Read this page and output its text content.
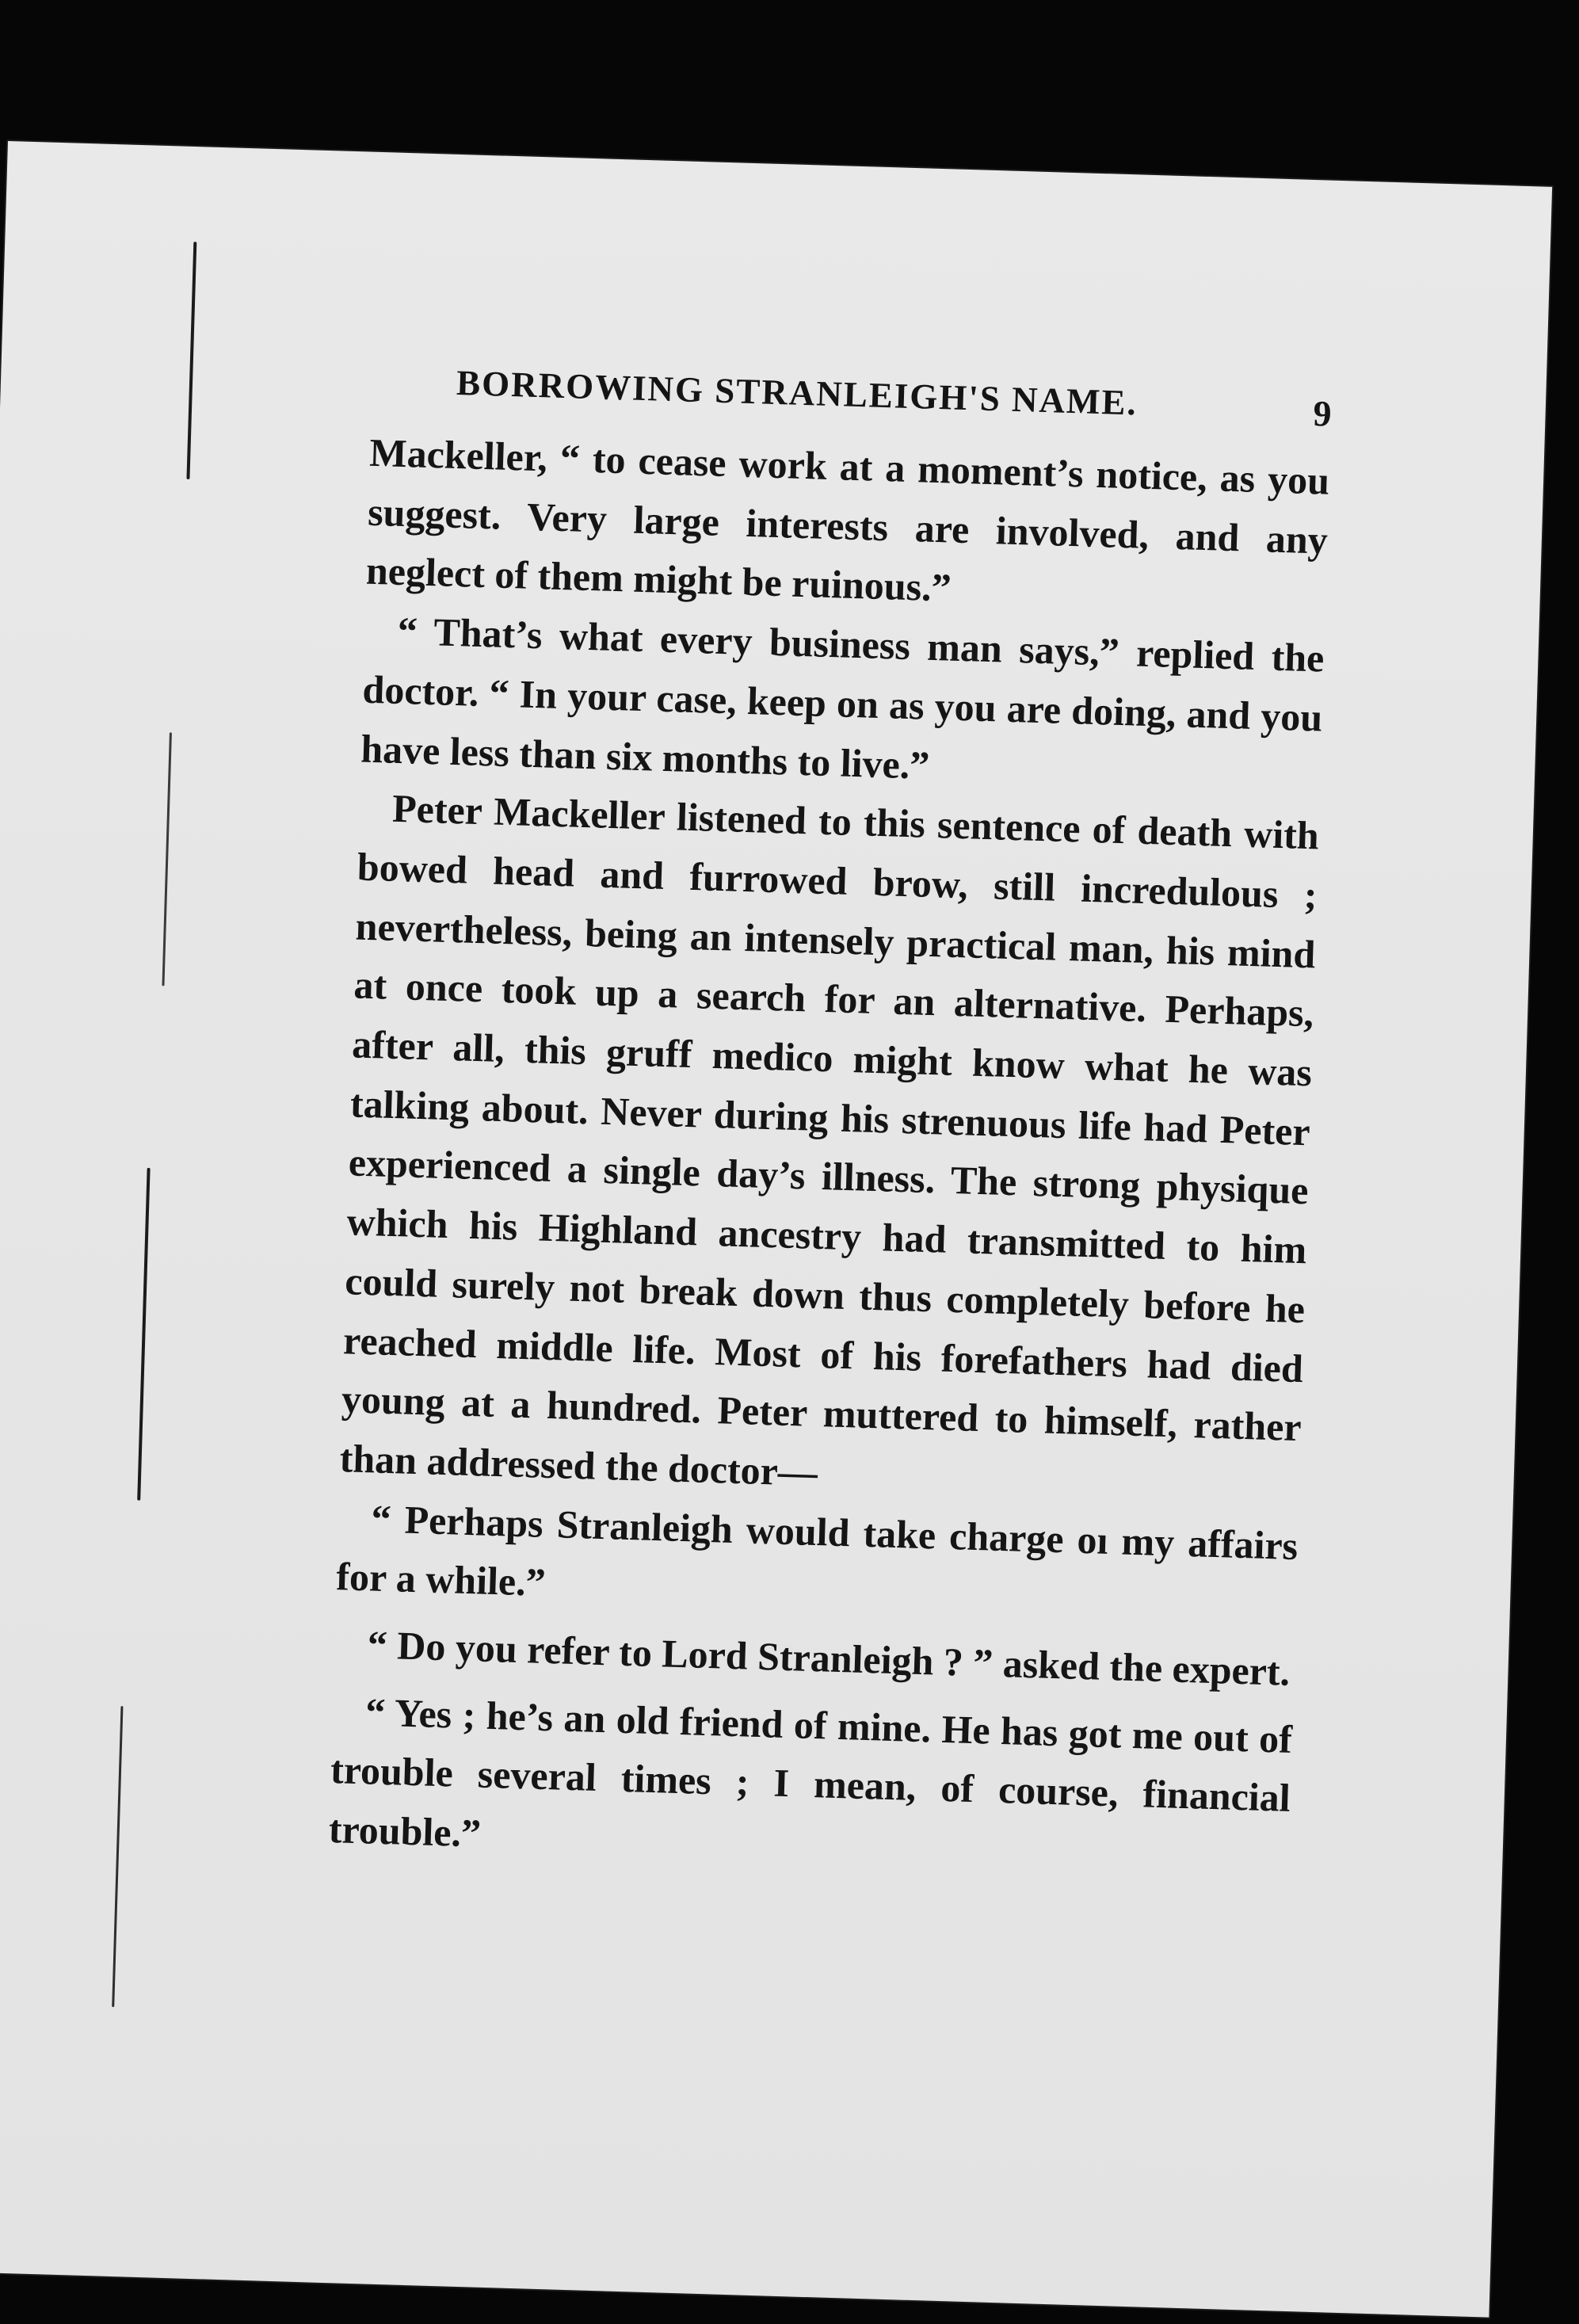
BORROWING STRANLEIGH'S NAME.	9

Mackeller, “ to cease work at a moment’s notice, as you suggest. Very large interests are involved, and any neglect of them might be ruinous.”

“ That’s what every business man says,” replied the doctor. “ In your case, keep on as you are doing, and you have less than six months to live.”

Peter Mackeller listened to this sentence of death with bowed head and furrowed brow, still incredulous ; nevertheless, being an intensely practical man, his mind at once took up a search for an alternative. Perhaps, after all, this gruff medico might know what he was talking about. Never during his strenuous life had Peter experienced a single day’s illness. The strong physique which his Highland ancestry had transmitted to him could surely not break down thus completely before he reached middle life. Most of his forefathers had died young at a hundred. Peter muttered to himself, rather than addressed the doctor—

“ Perhaps Stranleigh would take charge oı my affairs for a while.”

“ Do you refer to Lord Stranleigh ? ” asked the expert.

“ Yes ; he’s an old friend of mine. He has got me out of trouble several times ; I mean, of course, financial trouble.”
